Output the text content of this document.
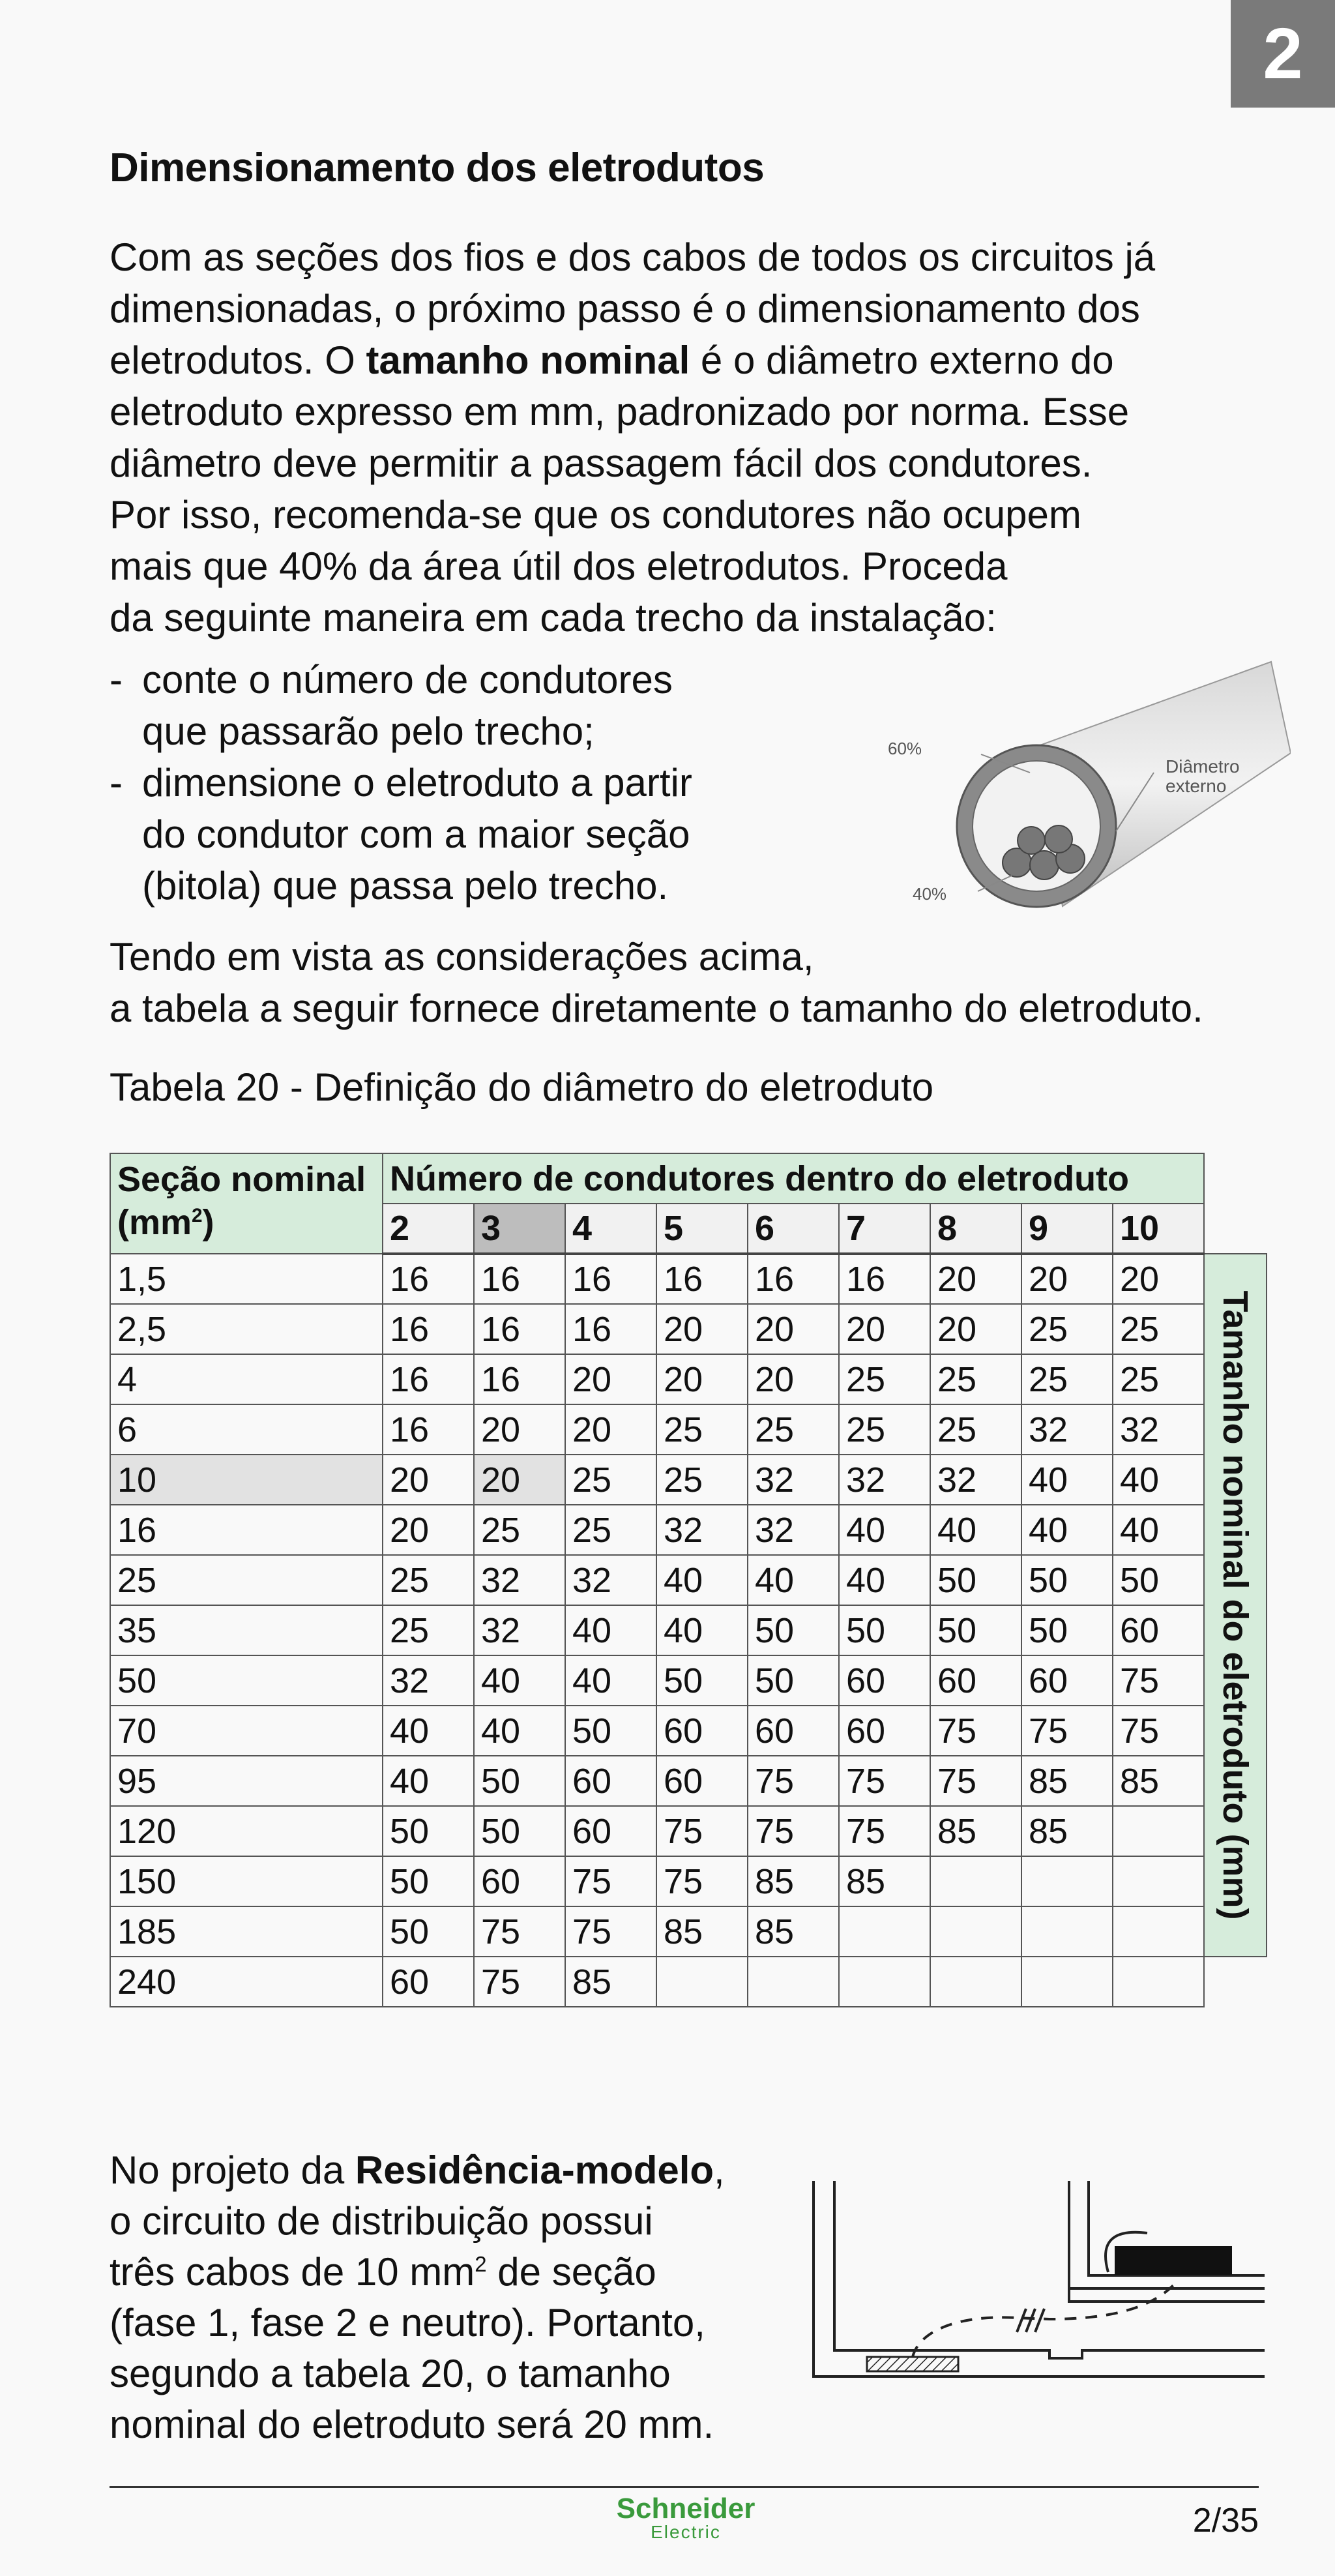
2
Dimensionamento dos eletrodutos

Com as seções dos fios e dos cabos de todos os circuitos já
dimensionadas, o próximo passo é o dimensionamento dos
eletrodutos. O tamanho nominal é o diâmetro externo do
eletroduto expresso em mm, padronizado por norma. Esse
diâmetro deve permitir a passagem fácil dos condutores.
Por isso, recomenda-se que os condutores não ocupem
mais que 40% da área útil dos eletrodutos. Proceda
da seguinte maneira em cada trecho da instalação:

- conte o número de condutores
que passarão pelo trecho;
- dimensione o eletroduto a partir
do condutor com a maior seção
(bitola) que passa pelo trecho.
60%
40%
Diâmetro
externo

Tendo em vista as considerações acima,
a tabela a seguir fornece diretamente o tamanho do eletroduto.

Tabela 20 - Definição do diâmetro do eletroduto

Seção nominal
$(mm^2)$	Número de condutores dentro do eletroduto									
	2	3	4	5	6	7	8	9	10	
1,5	16	16	16	16	16	16	20	20	20	Tamanho nominal do eletroduto (mm)

2,5	16	16	16	20	20	20	20	25	25	
4	16	16	20	20	20	25	25	25	25	
6	16	20	20	25	25	25	25	32	32	
10	20	20	25	25	32	32	32	40	40	
16	20	25	25	32	32	40	40	40	40	
25	25	32	32	40	40	40	50	50	50	
35	25	32	40	40	50	50	50	50	60	
50	32	40	40	50	50	60	60	60	75	
70	40	40	50	60	60	60	75	75	75	
95	40	50	60	60	75	75	75	85	85	
120	50	50	60	75	75	75	85	85		
150	50	60	75	75	85	85				
185	50	75	75	85	85					
240	60	75	85							

No projeto da Residência-modelo,
o circuito de distribuição possui
três cabos de 10 $mm^2$ de seção
(fase 1, fase 2 e neutro). Portanto,
segundo a tabela 20, o tamanho
nominal do eletroduto será 20 mm.

Schneider
Electric	2/35
